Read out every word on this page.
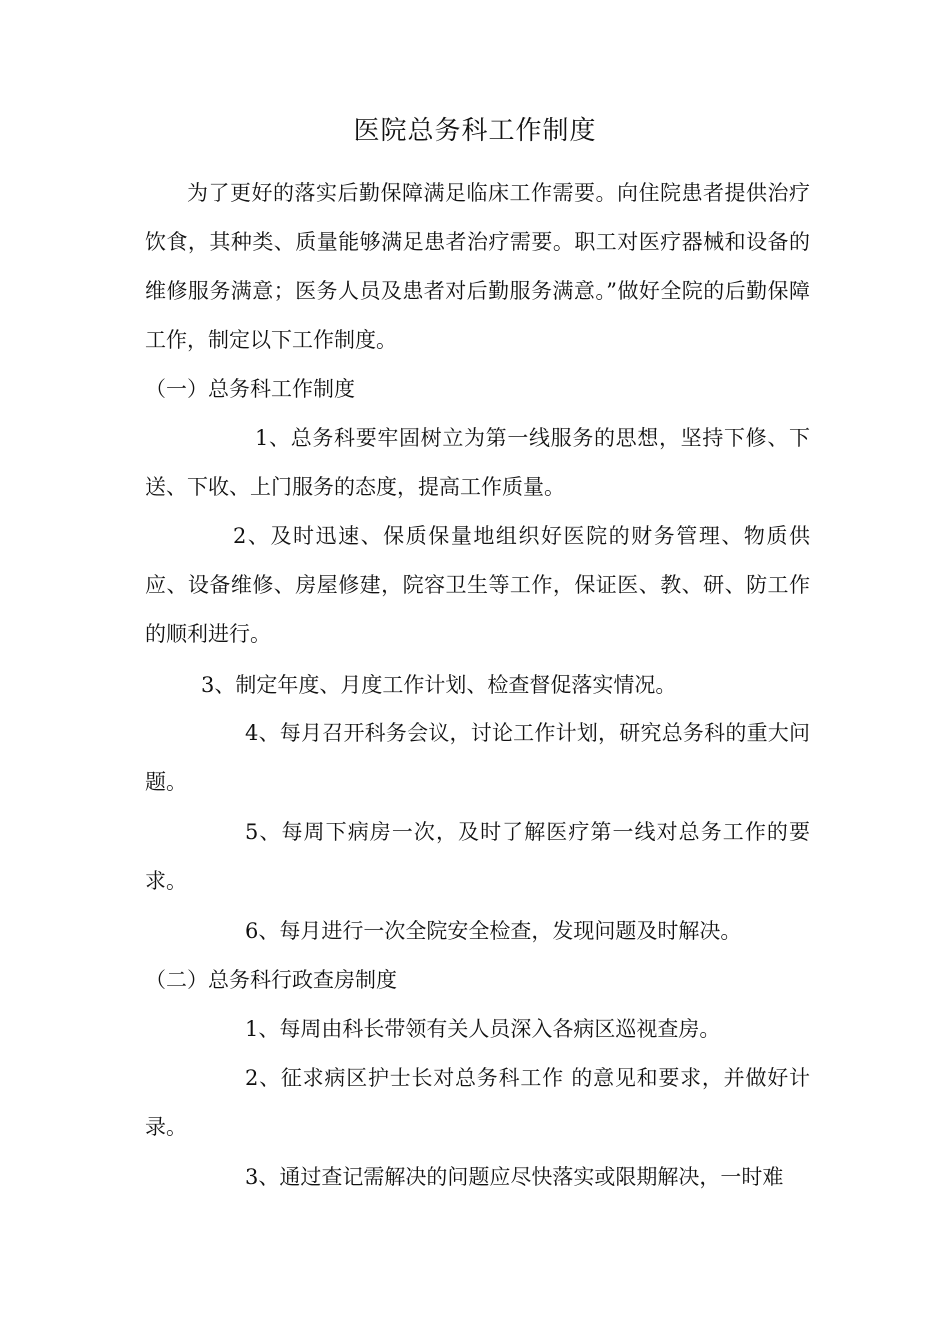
医院总务科工作制度
为了更好的落实后勤保障满足临床工作需要。向住院患者提供治疗饮食，其种类、质量能够满足患者治疗需要。职工对医疗器械和设备的维修服务满意；医务人员及患者对后勤服务满意。”做好全院的后勤保障工作，制定以下工作制度。
（一）总务科工作制度
1、总务科要牢固树立为第一线服务的思想，坚持下修、下送、下收、上门服务的态度，提高工作质量。
2、及时迅速、保质保量地组织好医院的财务管理、物质供应、设备维修、房屋修建，院容卫生等工作，保证医、教、研、防工作的顺利进行。
3、制定年度、月度工作计划、检查督促落实情况。
4、每月召开科务会议，讨论工作计划，研究总务科的重大问题。
5、每周下病房一次，及时了解医疗第一线对总务工作的要求。
6、每月进行一次全院安全检查，发现问题及时解决。
（二）总务科行政查房制度
1、每周由科长带领有关人员深入各病区巡视查房。
2、征求病区护士长对总务科工作 的意见和要求，并做好计录。
3、通过查记需解决的问题应尽快落实或限期解决，一时难
